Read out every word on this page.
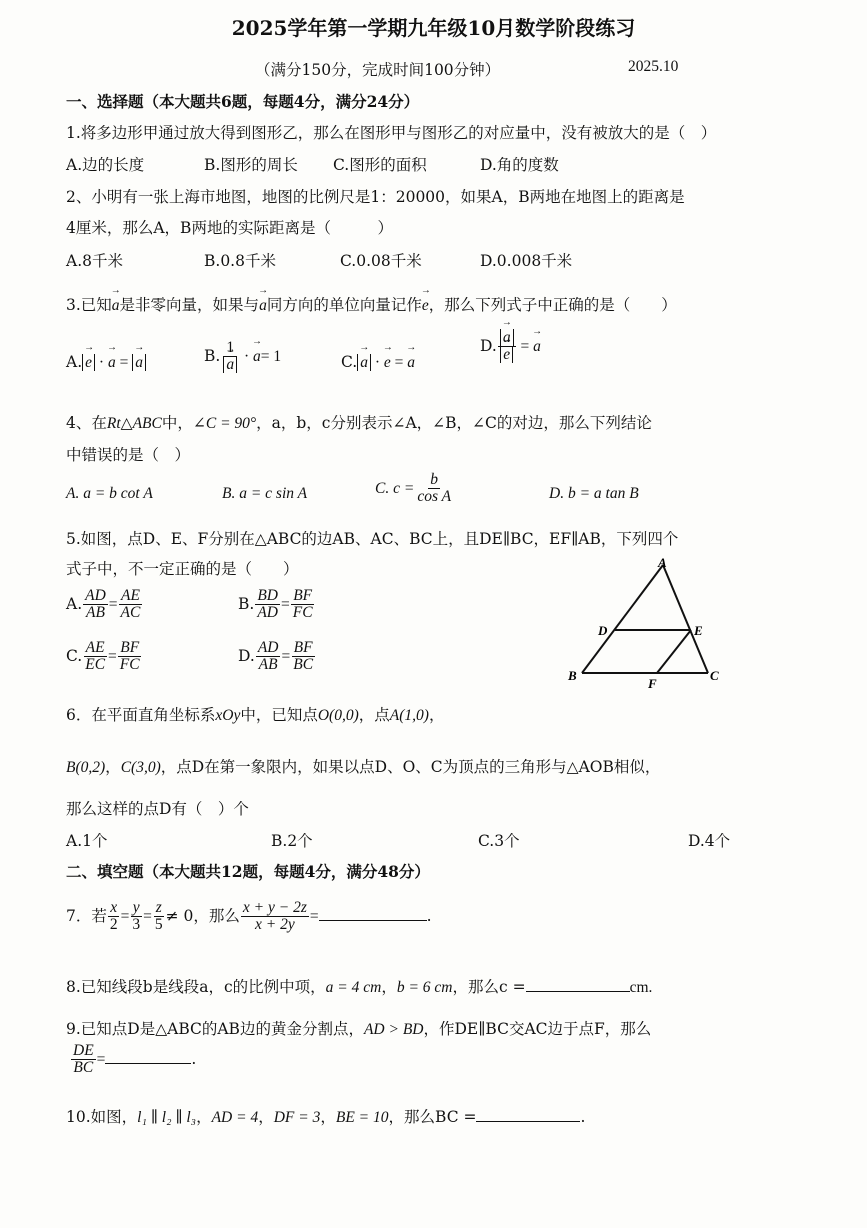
2025学年第一学期九年级10月数学阶段练习
（满分150分，完成时间100分钟）	2025.10
一、选择题（本大题共6题，每题4分，满分24分）
1.将多边形甲通过放大得到图形乙，那么在图形甲与图形乙的对应量中，没有被放大的是（　）
A.边的长度	B.图形的周长 C.图形的面积	D.角的度数
2、小明有一张上海市地图，地图的比例尺是1：20000，如果A，B两地在地图上的距离是
4厘米，那么A，B两地的实际距离是（　　　）
A.8千米	B.0.8千米	C.0.08千米	D.0.008千米
3.已知→ a是非零向量，如果与→ a同方向的单位向量记作→ e，那么下列式子中正确的是（　　）
A. → e · → a = → a	B. 1
→ a · → a= 1	C. → a · → e = → a
D. → a
→ e = → a
4、在Rt△ABC中，∠C = 90°，a，b，c分别表示∠A，∠B，∠C的对边，那么下列结论
中错误的是（　）
A. a = b cot A	B. a = c sin A	C. $c = \frac{b}{\text{cos A}}$	D. b = a tan B
5.如图，点D、E、F分别在△ABC的边AB、AC、BC上，且DE∥BC，EF∥AB，下列四个
式子中，不一定正确的是（　　）
A. $\frac{AD}{AB} = \frac{AE}{AC}$	B. $\frac{BD}{AD} = \frac{BF}{FC}$
C. $\frac{AE}{EC} = \frac{BF}{FC}$	D. $\frac{AD}{AB} = \frac{BF}{BC}$
A
B	C
D	E
F
6．在平面直角坐标系xOy中，已知点O(0,0)，点A(1,0)，
B(0,2)，C(3,0)，点D在第一象限内，如果以点D、O、C为顶点的三角形与△AOB相似，
那么这样的点D有（　）个
A.1个	B.2个	C.3个	D.4个
二、填空题（本大题共12题，每题4分，满分48分）
7．若 $\frac{x}{2} = \frac{y}{3} = \frac{z}{5} \ne 0$，那么 $\frac{x + y - 2z}{x + 2y}$ =	.
8.已知线段b是线段a，c的比例中项，a = 4 cm，b = 6 cm，那么c =	cm.
9.已知点D是△ABC的AB边的黄金分割点，AD > BD，作DE∥BC交AC边于点F，那么
$\frac{DE}{BC}$ =	.
10.如图，l₁ ∥ l₂ ∥ l₃，AD = 4，DF = 3，BE = 10，那么BC =	.
